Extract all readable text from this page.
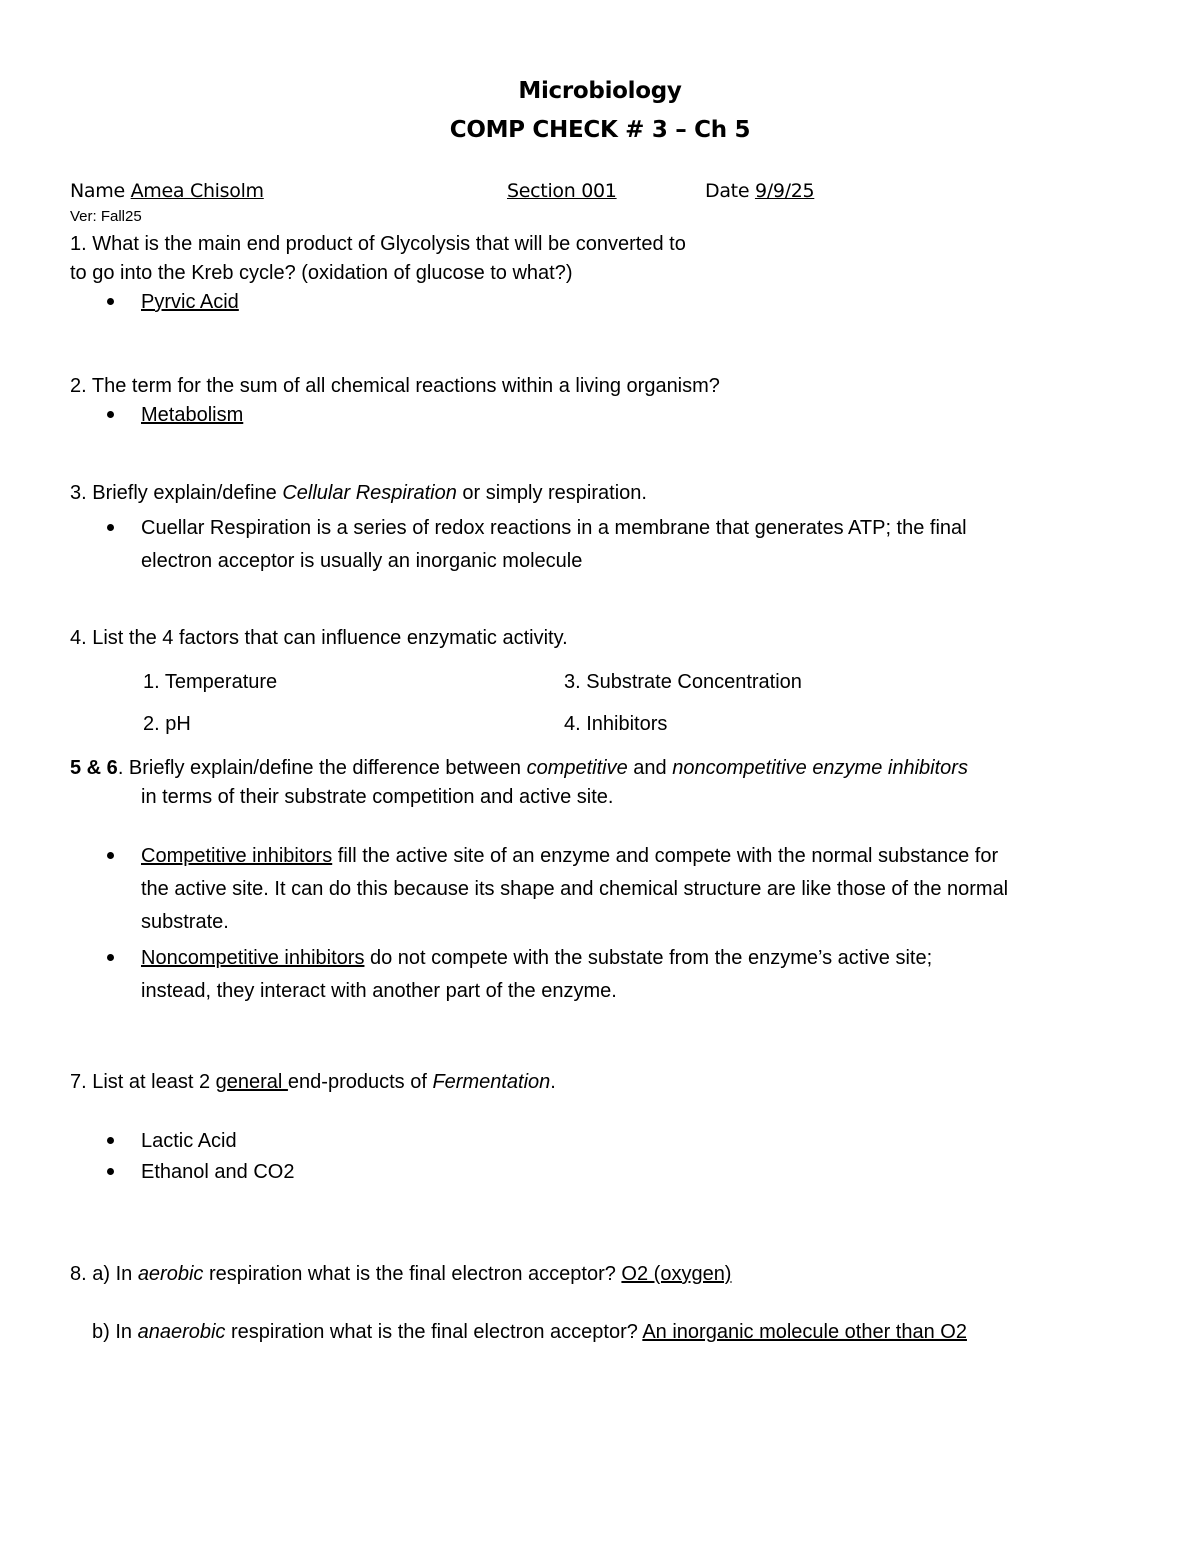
Microbiology
COMP CHECK # 3 – Ch 5
Name Amea Chisolm	Section 001	Date 9/9/25
Ver: Fall25
1. What is the main end product of Glycolysis that will be converted to
to go into the Kreb cycle? (oxidation of glucose to what?)
Pyrvic Acid
2. The term for the sum of all chemical reactions within a living organism?
Metabolism
3. Briefly explain/define Cellular Respiration or simply respiration.
Cuellar Respiration is a series of redox reactions in a membrane that generates ATP; the final
electron acceptor is usually an inorganic molecule
4. List the 4 factors that can influence enzymatic activity.
1. Temperature	3. Substrate Concentration
2. pH	4. Inhibitors
5 & 6. Briefly explain/define the difference between competitive and noncompetitive enzyme inhibitors
in terms of their substrate competition and active site.
Competitive inhibitors fill the active site of an enzyme and compete with the normal substance for
the active site. It can do this because its shape and chemical structure are like those of the normal
substrate.
Noncompetitive inhibitors do not compete with the substate from the enzyme’s active site;
instead, they interact with another part of the enzyme.
7. List at least 2 general end-products of Fermentation.
Lactic Acid
Ethanol and CO2
8. a) In aerobic respiration what is the final electron acceptor? O2 (oxygen)
b) In anaerobic respiration what is the final electron acceptor? An inorganic molecule other than O2
